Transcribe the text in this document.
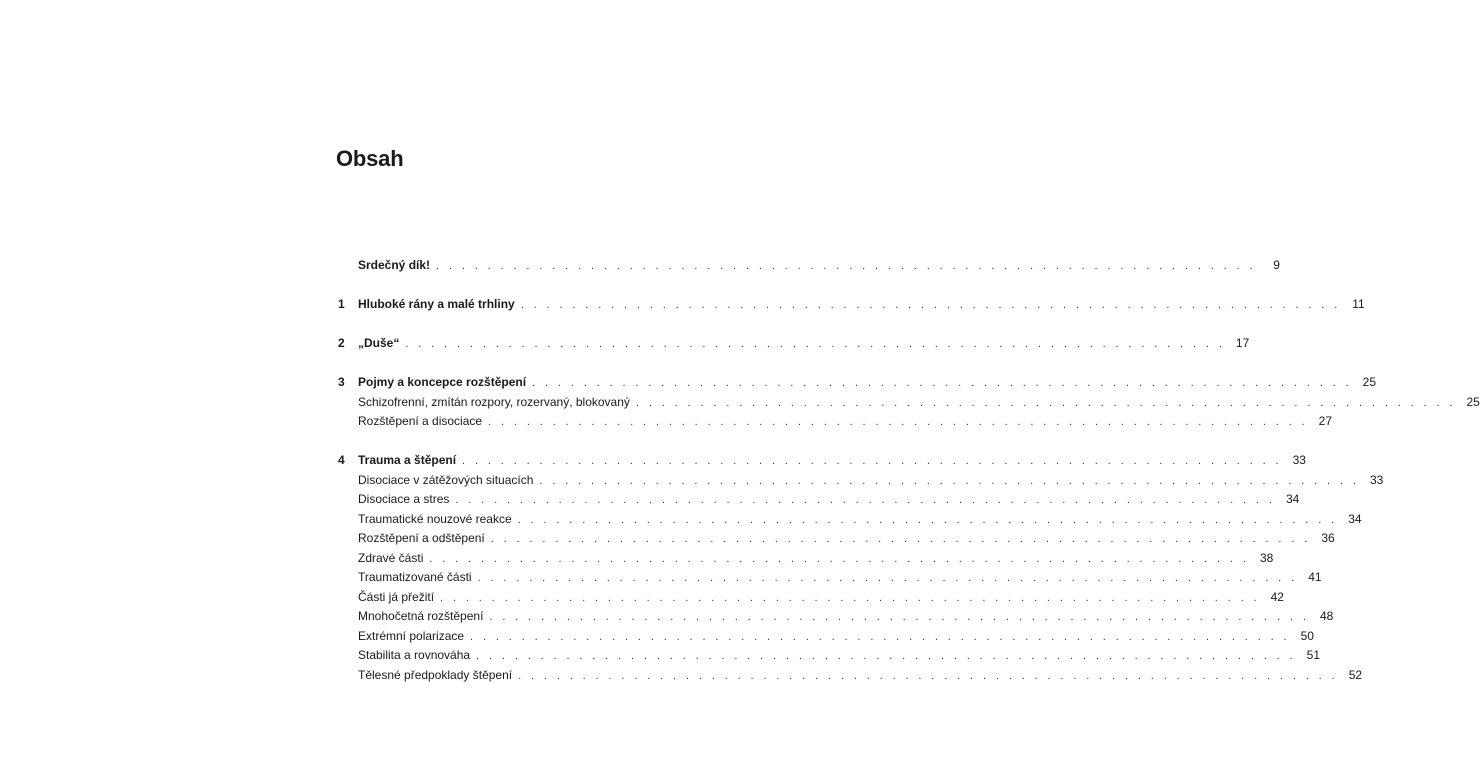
Obsah
Srdečný dík! . . . . . . . . . . . . . . . . . . . . . . . . . . . . . . . . . . . . . . . . . . . . . . . . . . . . . . . . . . . . . . . .	9
1	Hluboké rány a malé trhliny . . . . . . . . . . . . . . . . . . . . . . . . . . . . . . . . . . . . . . . . . . . . . . . . . . . . . . . . . . . . . . . . 11
2	„Duše“ . . . . . . . . . . . . . . . . . . . . . . . . . . . . . . . . . . . . . . . . . . . . . . . . . . . . . . . . . . . . . . . . 17
3	Pojmy a koncepce rozštěpení . . . . . . . . . . . . . . . . . . . . . . . . . . . . . . . . . . . . . . . . . . . . . . . . . . . . . . . . . . . . . . . . 25
Schizofrenní, zmítán rozpory, rozervaný, blokovaný . . . . . . . . . . . . . . . . . . . . . . . . . . . . . . . . . . . . . . . . . . . . . . . . . . . . . . . . . . . . . . . . 25
Rozštěpení a disociace . . . . . . . . . . . . . . . . . . . . . . . . . . . . . . . . . . . . . . . . . . . . . . . . . . . . . . . . . . . . . . . . 27
4	Trauma a štěpení . . . . . . . . . . . . . . . . . . . . . . . . . . . . . . . . . . . . . . . . . . . . . . . . . . . . . . . . . . . . . . . . 33
Disociace v zátěžových situacích . . . . . . . . . . . . . . . . . . . . . . . . . . . . . . . . . . . . . . . . . . . . . . . . . . . . . . . . . . . . . . . . 33
Disociace a stres . . . . . . . . . . . . . . . . . . . . . . . . . . . . . . . . . . . . . . . . . . . . . . . . . . . . . . . . . . . . . . . . 34
Traumatické nouzové reakce . . . . . . . . . . . . . . . . . . . . . . . . . . . . . . . . . . . . . . . . . . . . . . . . . . . . . . . . . . . . . . . . 34
Rozštěpení a odštěpení . . . . . . . . . . . . . . . . . . . . . . . . . . . . . . . . . . . . . . . . . . . . . . . . . . . . . . . . . . . . . . . . 36
Zdravé části . . . . . . . . . . . . . . . . . . . . . . . . . . . . . . . . . . . . . . . . . . . . . . . . . . . . . . . . . . . . . . . . 38
Traumatizované části . . . . . . . . . . . . . . . . . . . . . . . . . . . . . . . . . . . . . . . . . . . . . . . . . . . . . . . . . . . . . . . . 41
Části já přežití . . . . . . . . . . . . . . . . . . . . . . . . . . . . . . . . . . . . . . . . . . . . . . . . . . . . . . . . . . . . . . . . 42
Mnohočetná rozštěpení . . . . . . . . . . . . . . . . . . . . . . . . . . . . . . . . . . . . . . . . . . . . . . . . . . . . . . . . . . . . . . . . 48
Extrémní polarizace . . . . . . . . . . . . . . . . . . . . . . . . . . . . . . . . . . . . . . . . . . . . . . . . . . . . . . . . . . . . . . . . 50
Stabilita a rovnováha . . . . . . . . . . . . . . . . . . . . . . . . . . . . . . . . . . . . . . . . . . . . . . . . . . . . . . . . . . . . . . . . 51
Tělesné předpoklady štěpení . . . . . . . . . . . . . . . . . . . . . . . . . . . . . . . . . . . . . . . . . . . . . . . . . . . . . . . . . . . . . . . . 52
